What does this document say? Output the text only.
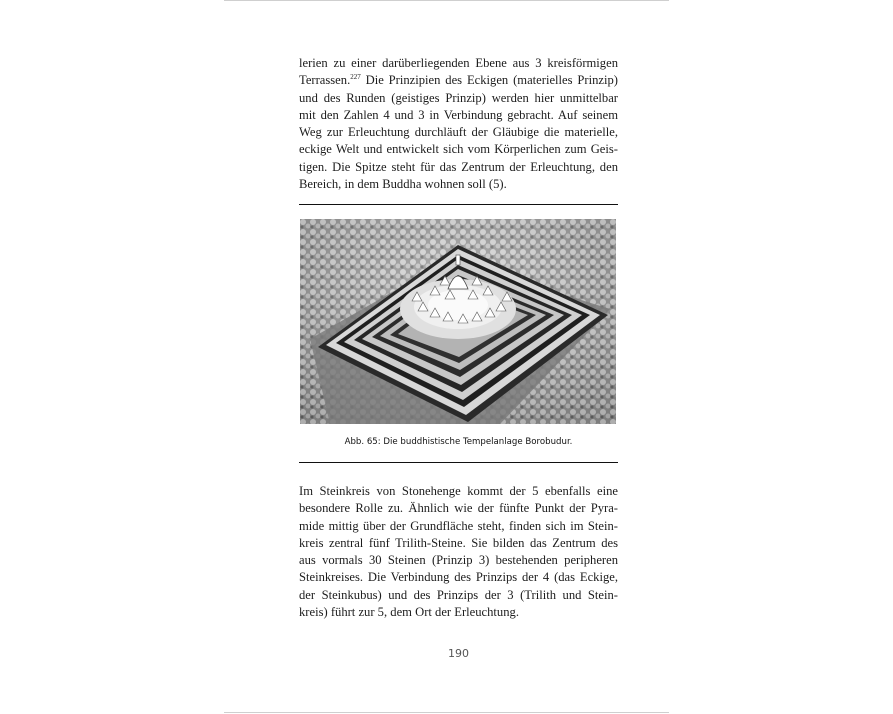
lerien zu einer darüberliegenden Ebene aus 3 kreisförmigen
Terrassen.$^{227}$ Die Prinzipien des Eckigen (materielles Prinzip)
und des Runden (geistiges Prinzip) werden hier unmittelbar
mit den Zahlen 4 und 3 in Verbindung gebracht. Auf seinem
Weg zur Erleuchtung durchläuft der Gläubige die materielle,
eckige Welt und entwickelt sich vom Körperlichen zum Geis-
tigen. Die Spitze steht für das Zentrum der Erleuchtung, den
Bereich, in dem Buddha wohnen soll (5).
Abb. 65: Die buddhistische Tempelanlage Borobudur.
Im Steinkreis von Stonehenge kommt der 5 ebenfalls eine
besondere Rolle zu. Ähnlich wie der fünfte Punkt der Pyra-
mide mittig über der Grundfläche steht, finden sich im Stein-
kreis zentral fünf Trilith-Steine. Sie bilden das Zentrum des
aus vormals 30 Steinen (Prinzip 3) bestehenden peripheren
Steinkreises. Die Verbindung des Prinzips der 4 (das Eckige,
der Steinkubus) und des Prinzips der 3 (Trilith und Stein-
kreis) führt zur 5, dem Ort der Erleuchtung.
190
